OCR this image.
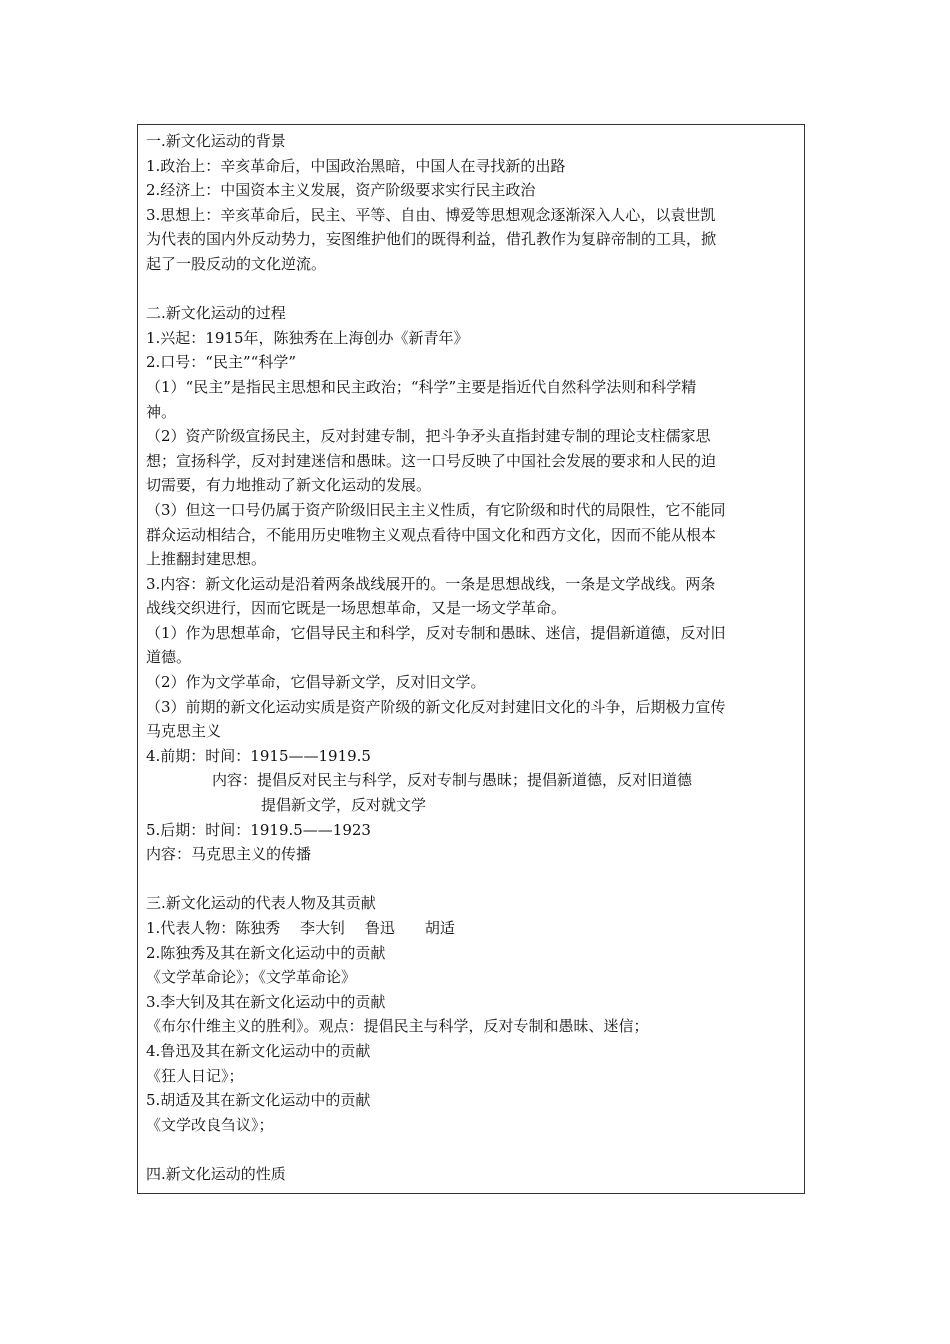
一.新文化运动的背景
1.政治上：辛亥革命后，中国政治黑暗，中国人在寻找新的出路
2.经济上：中国资本主义发展，资产阶级要求实行民主政治
3.思想上：辛亥革命后，民主、平等、自由、博爱等思想观念逐渐深入人心，以袁世凯
为代表的国内外反动势力，妄图维护他们的既得利益，借孔教作为复辟帝制的工具，掀
起了一股反动的文化逆流。
二.新文化运动的过程
1.兴起：1915年，陈独秀在上海创办《新青年》
2.口号：“民主”“科学”
（1）“民主”是指民主思想和民主政治；“科学”主要是指近代自然科学法则和科学精
神。
（2）资产阶级宣扬民主，反对封建专制，把斗争矛头直指封建专制的理论支柱儒家思
想；宣扬科学，反对封建迷信和愚昧。这一口号反映了中国社会发展的要求和人民的迫
切需要，有力地推动了新文化运动的发展。
（3）但这一口号仍属于资产阶级旧民主主义性质，有它阶级和时代的局限性，它不能同
群众运动相结合，不能用历史唯物主义观点看待中国文化和西方文化，因而不能从根本
上推翻封建思想。
3.内容：新文化运动是沿着两条战线展开的。一条是思想战线，一条是文学战线。两条
战线交织进行，因而它既是一场思想革命，又是一场文学革命。
（1）作为思想革命，它倡导民主和科学，反对专制和愚昧、迷信，提倡新道德，反对旧
道德。
（2）作为文学革命，它倡导新文学，反对旧文学。
（3）前期的新文化运动实质是资产阶级的新文化反对封建旧文化的斗争，后期极力宣传
马克思主义
4.前期：时间：1915——1919.5
内容：提倡反对民主与科学，反对专制与愚昧；提倡新道德，反对旧道德
提倡新文学，反对就文学
5.后期：时间：1919.5——1923
内容：马克思主义的传播
三.新文化运动的代表人物及其贡献
1.代表人物：陈独秀　 李大钊　 鲁迅　　胡适
2.陈独秀及其在新文化运动中的贡献
《文学革命论》；《文学革命论》
3.李大钊及其在新文化运动中的贡献
《布尔什维主义的胜利》。观点：提倡民主与科学，反对专制和愚昧、迷信；
4.鲁迅及其在新文化运动中的贡献
《狂人日记》；
5.胡适及其在新文化运动中的贡献
《文学改良刍议》；
四.新文化运动的性质
